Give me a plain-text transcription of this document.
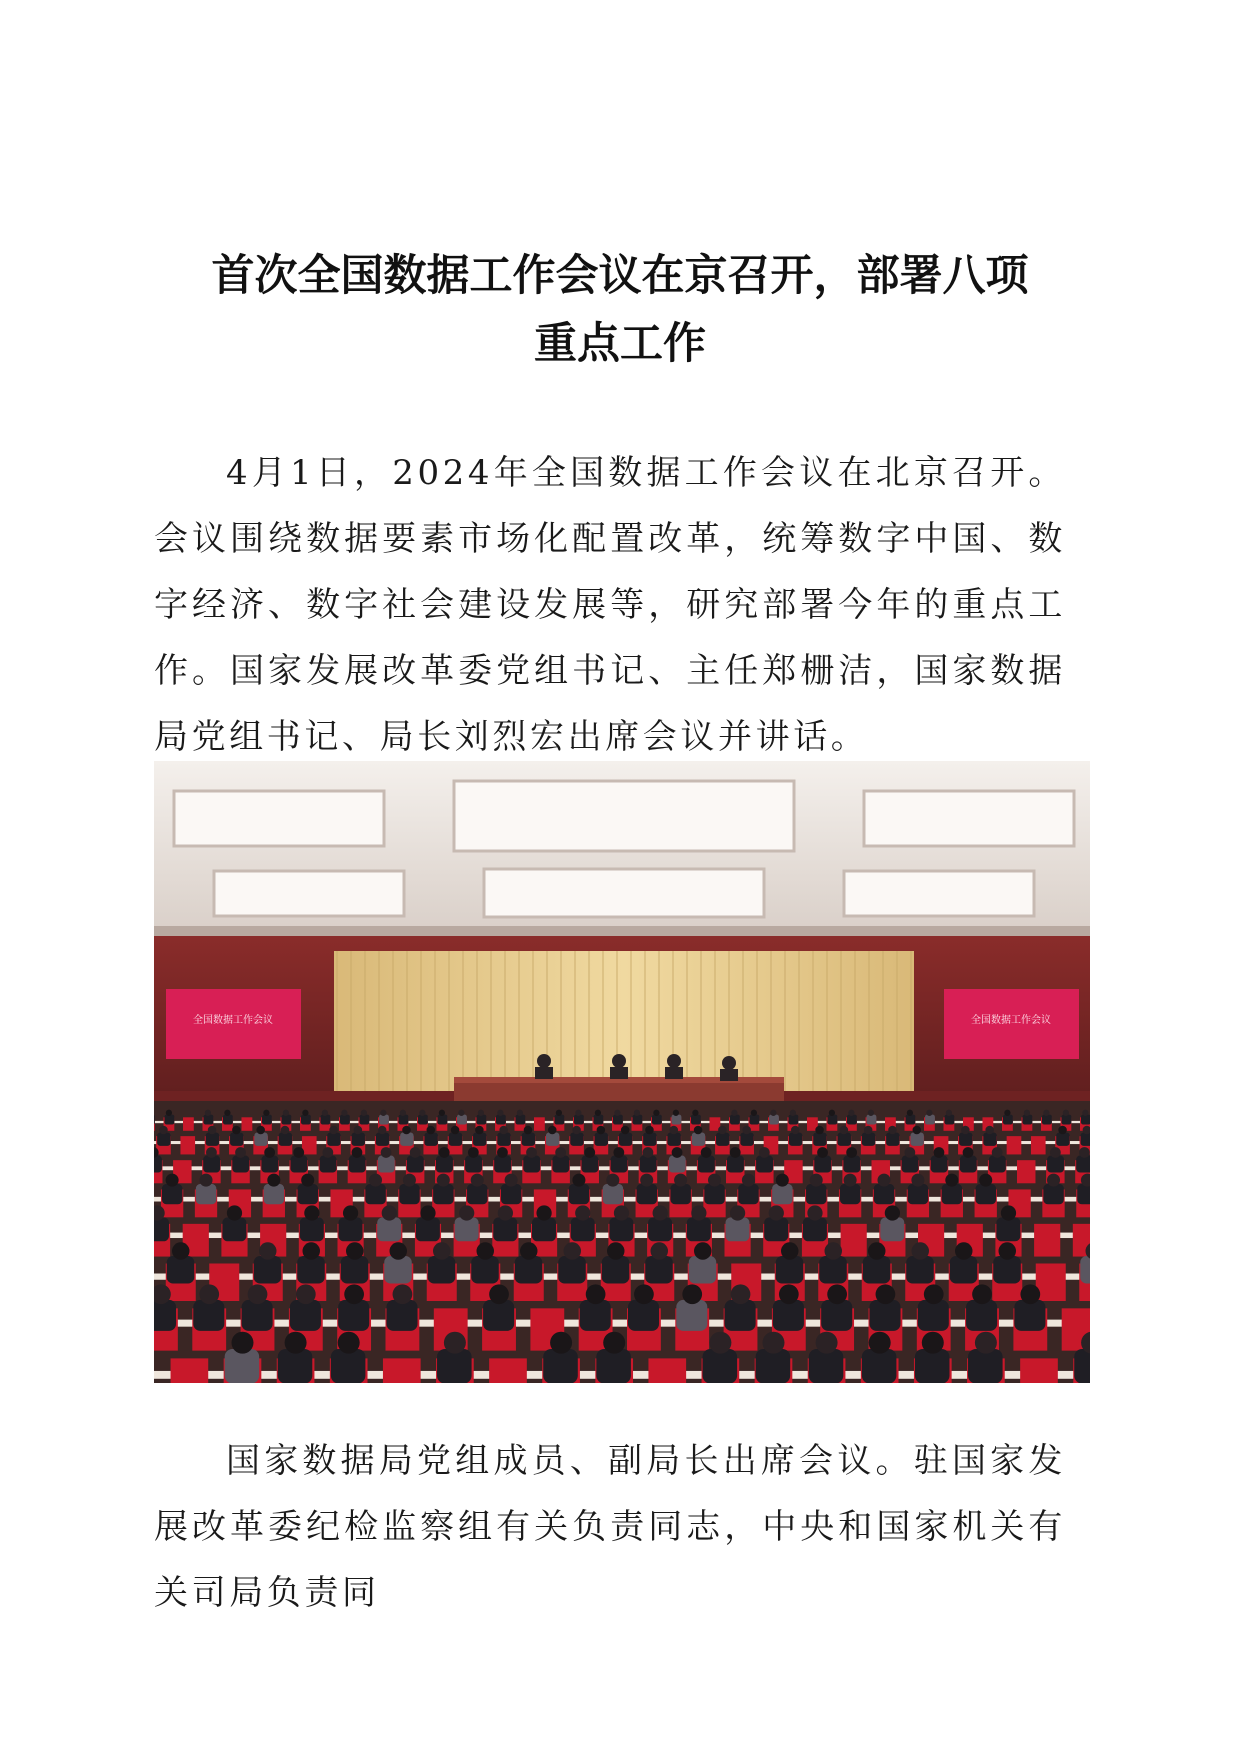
首次全国数据工作会议在京召开，部署八项
重点工作

4月1日，2024年全国数据工作会议在北京召开。会议围绕数据要素市场化配置改革，统筹数字中国、数字经济、数字社会建设发展等，研究部署今年的重点工作。国家发展改革委党组书记、主任郑栅洁，国家数据局党组书记、局长刘烈宏出席会议并讲话。

全国数据工作会议	全国数据工作会议

国家数据局党组成员、副局长出席会议。驻国家发展改革委纪检监察组有关负责同志，中央和国家机关有关司局负责同
